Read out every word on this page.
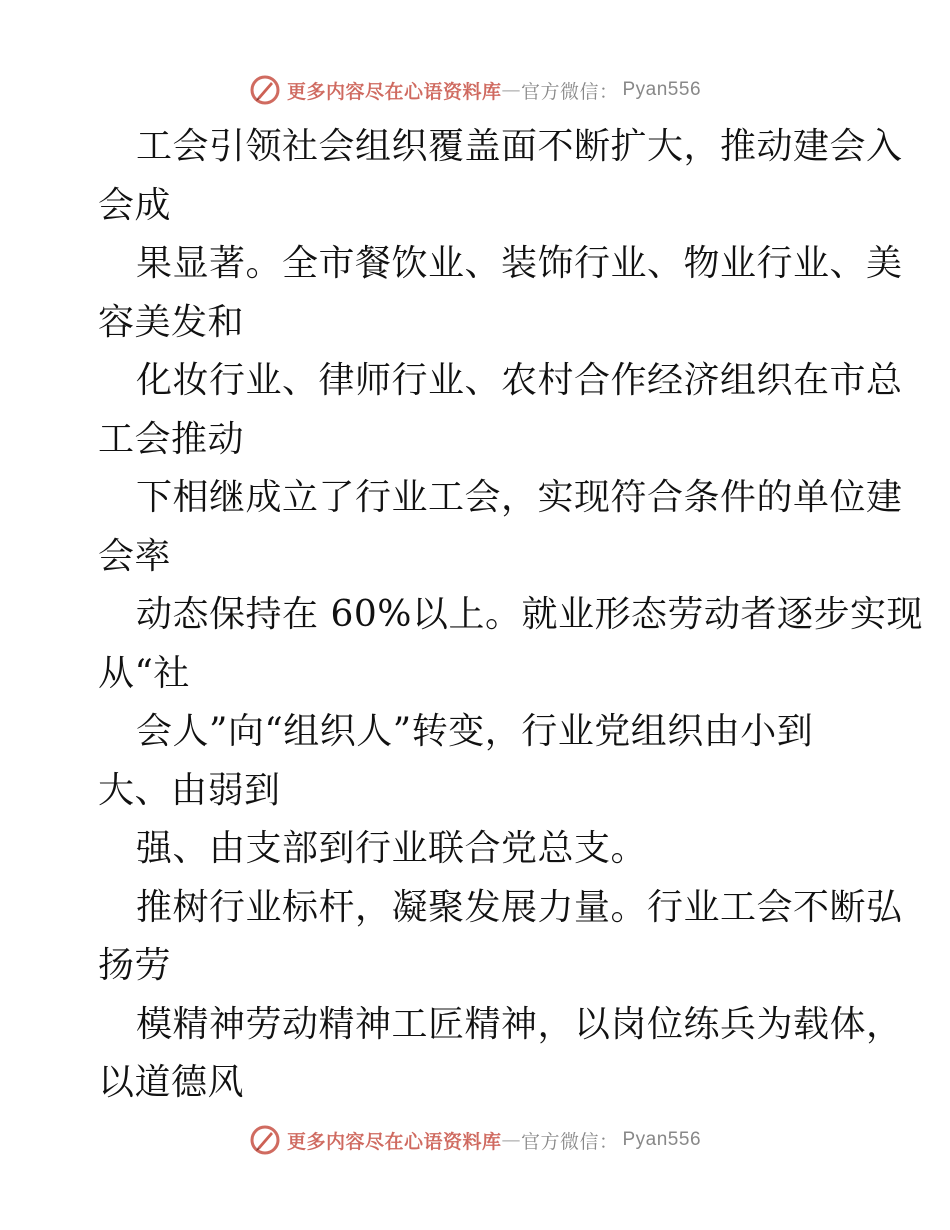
更多内容尽在心语资料库 — 官方微信： Pyan556
工会引领社会组织覆盖面不断扩大，推动建会入
会成
果显著。全市餐饮业、装饰行业、物业行业、美
容美发和
化妆行业、律师行业、农村合作经济组织在市总
工会推动
下相继成立了行业工会，实现符合条件的单位建
会率
动态保持在 60%以上。就业形态劳动者逐步实现
从“社
会人”向“组织人”转变，行业党组织由小到
大、由弱到
强、由支部到行业联合党总支。
推树行业标杆，凝聚发展力量。行业工会不断弘
扬劳
模精神劳动精神工匠精神，以岗位练兵为载体，
以道德风
更多内容尽在心语资料库 — 官方微信： Pyan556
